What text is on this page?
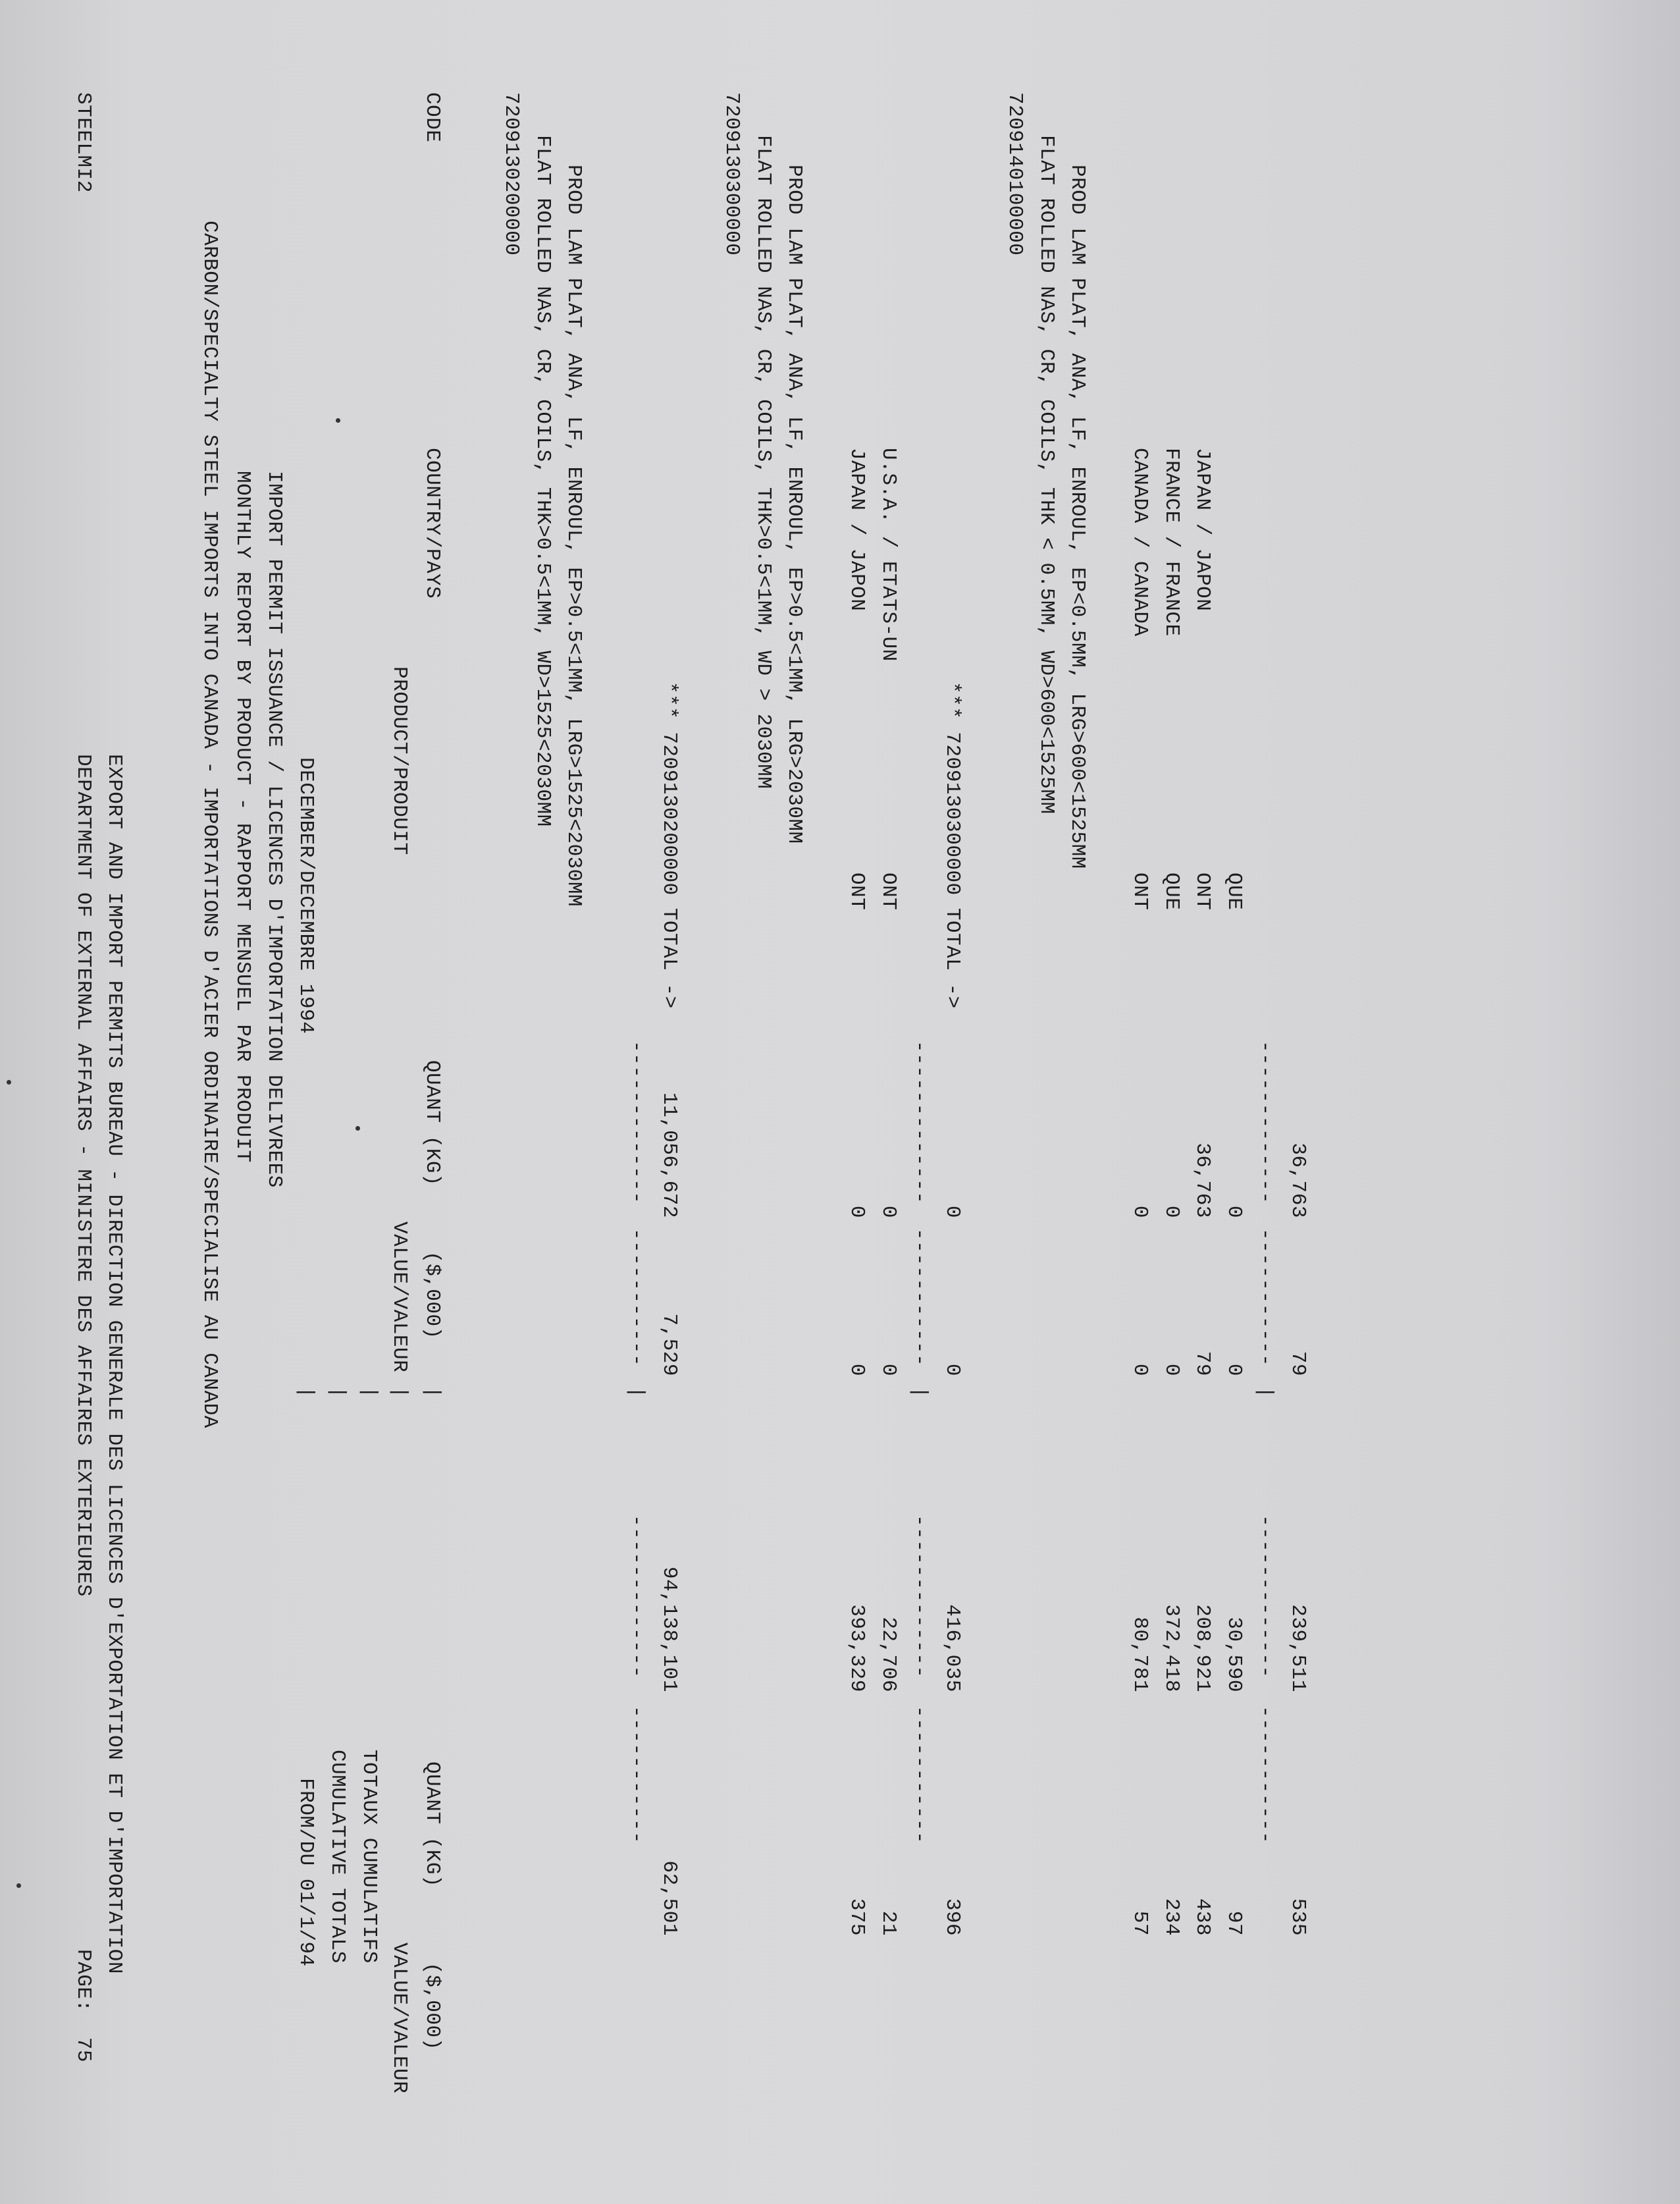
STEELMI2
DEPARTMENT OF EXTERNAL AFFAIRS - MINISTERE DES AFFAIRES EXTERIEURES
PAGE:  75
EXPORT AND IMPORT PERMITS BUREAU - DIRECTION GENERALE DES LICENCES D'EXPORTATION ET D'IMPORTATION	CARBON/SPECIALTY STEEL IMPORTS INTO CANADA - IMPORTATIONS D'ACIER ORDINAIRE/SPECIALISE AU CANADA MONTHLY REPORT BY PRODUCT - RAPPORT MENSUEL PAR PRODUIT IMPORT PERMIT ISSUANCE / LICENCES D'IMPORTATION DELIVREES DECEMBER/DECEMBRE 1994
| | | | |
FROM/DU 01/1/94 CUMULATIVE TOTALS TOTAUX CUMULATIFS
PRODUCT/PRODUIT
VALUE/VALEUR
VALUE/VALEUR
CODE
COUNTRY/PAYS
QUANT (KG)
($,000)
QUANT (KG)
($,000)
7209130200000 FLAT ROLLED NAS, CR, COILS, THK>0.5<1MM, WD>1525<2030MM PROD LAM PLAT, ANA, LF, ENROUL, EP>0.5<1MM, LRG>1525<2030MM
-------------
-----------
|
-------------
-----------
*** 7209130200000 TOTAL ->
11,056,672
7,529
94,138,101
62,501
7209130300000 FLAT ROLLED NAS, CR, COILS, THK>0.5<1MM, WD > 2030MM PROD LAM PLAT, ANA, LF, ENROUL, EP>0.5<1MM, LRG>2030MM JAPAN / JAPON
ONT
0
0
393,329
375
U.S.A. / ETATS-UN
ONT
0
0
22,706
21
-------------
-----------
|
-------------
-----------
*** 7209130300000 TOTAL ->
0
0
416,035
396
7209140100000 FLAT ROLLED NAS, CR, COILS, THK < 0.5MM, WD>600<1525MM PROD LAM PLAT, ANA, LF, ENROUL, EP<0.5MM, LRG>600<1525MM CANADA / CANADA
ONT
0
0
80,781
57
FRANCE / FRANCE
QUE
0
0
372,418
234
JAPAN / JAPON
ONT
36,763
79
208,921
438
QUE
0
0
30,590
97
-------------
-----------
|
-------------
-----------
36,763
79
239,511
535
